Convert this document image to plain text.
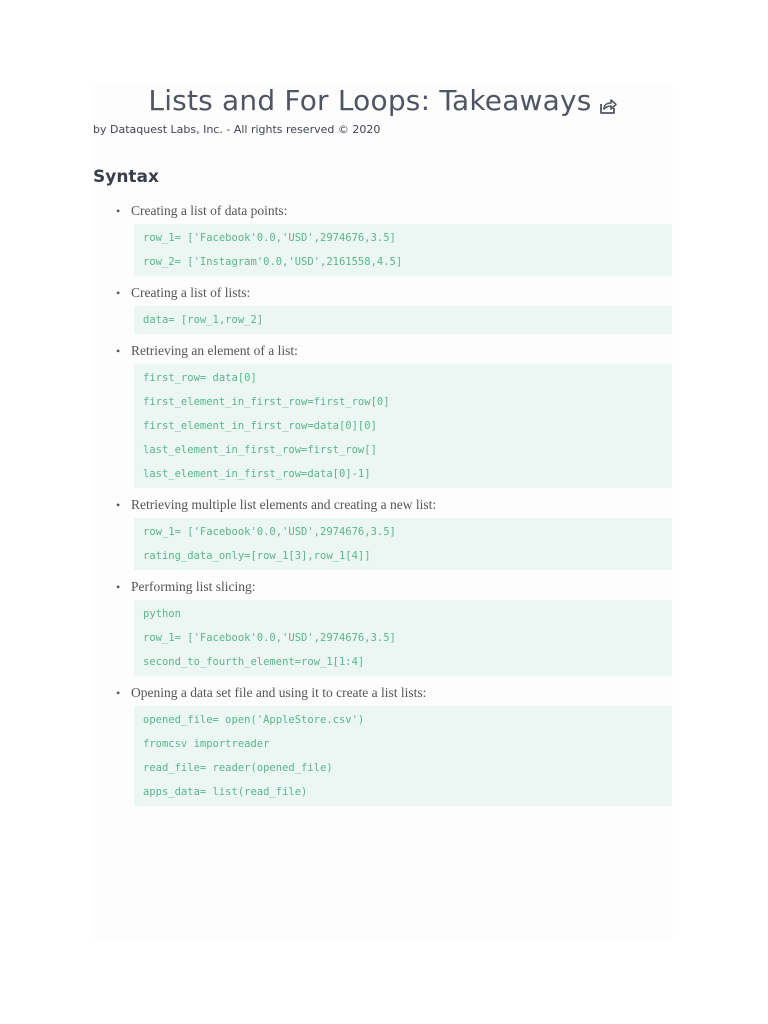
Lists and For Loops: Takeaways
by Dataquest Labs, Inc. - All rights reserved © 2020
Syntax
• Creating a list of data points:
row_1= ['Facebook'0.0,'USD',2974676,3.5]
row_2= ['Instagram'0.0,'USD',2161558,4.5]
• Creating a list of lists:
data= [row_1,row_2]
• Retrieving an element of a list:
first_row= data[0]
first_element_in_first_row=first_row[0]
first_element_in_first_row=data[0][0]
last_element_in_first_row=first_row[]
last_element_in_first_row=data[0]-1]
• Retrieving multiple list elements and creating a new list:
row_1= ['Facebook'0.0,'USD',2974676,3.5]
rating_data_only=[row_1[3],row_1[4]]
• Performing list slicing:
python
row_1= ['Facebook'0.0,'USD',2974676,3.5]
second_to_fourth_element=row_1[1:4]
• Opening a data set file and using it to create a list lists:
opened_file= open('AppleStore.csv')
fromcsv importreader
read_file= reader(opened_file)
apps_data= list(read_file)
